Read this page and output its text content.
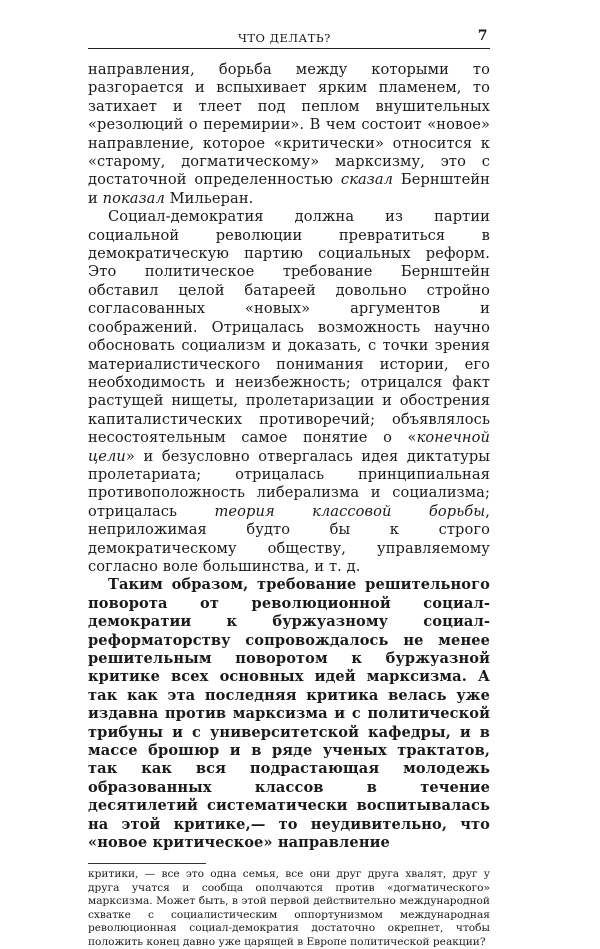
ЧТО ДЕЛАТЬ?	7

направления, борьба между которыми то разгорается и вспыхивает ярким пламенем, то затихает и тлеет под пеплом внушительных «резолюций о перемирии». В чем состоит «новое» направление, которое «критически» относится к «старому, догматическому» марксизму, это с достаточной определенностью сказал Бернштейн и показал Мильеран.

Социал-демократия должна из партии социальной революции превратиться в демократическую партию социальных реформ. Это политическое требование Бернштейн обставил целой батареей довольно стройно согласованных «новых» аргументов и соображений. Отрицалась возможность научно обосновать социализм и доказать, с точки зрения материалистического понимания истории, его необходимость и неизбежность; отрицался факт растущей нищеты, пролетаризации и обострения капиталистических противоречий; объявлялось несостоятельным самое понятие о «конечной цели» и безусловно отвергалась идея диктатуры пролетариата; отрицалась принципиальная противоположность либерализма и социализма; отрицалась теория классовой борьбы, неприложимая будто бы к строго демократическому обществу, управляемому согласно воле большинства, и т. д.

Таким образом, требование решительного поворота от революционной социал-демократии к буржуазному социал-реформаторству сопровождалось не менее решительным поворотом к буржуазной критике всех основных идей марксизма. А так как эта последняя критика велась уже издавна против марксизма и с политической трибуны и с университетской кафедры, и в массе брошюр и в ряде ученых трактатов, так как вся подрастающая молодежь образованных классов в течение десятилетий систематически воспитывалась на этой критике,— то неудивительно, что «новое критическое» направление

критики, — все это одна семья, все они друг друга хвалят, друг у друга учатся и сообща ополчаются против «догматического» марксизма. Может быть, в этой первой действительно международной схватке с социалистическим оппортунизмом международная революционная социал-демократия достаточно окрепнет, чтобы положить конец давно уже царящей в Европе политической реакции?
